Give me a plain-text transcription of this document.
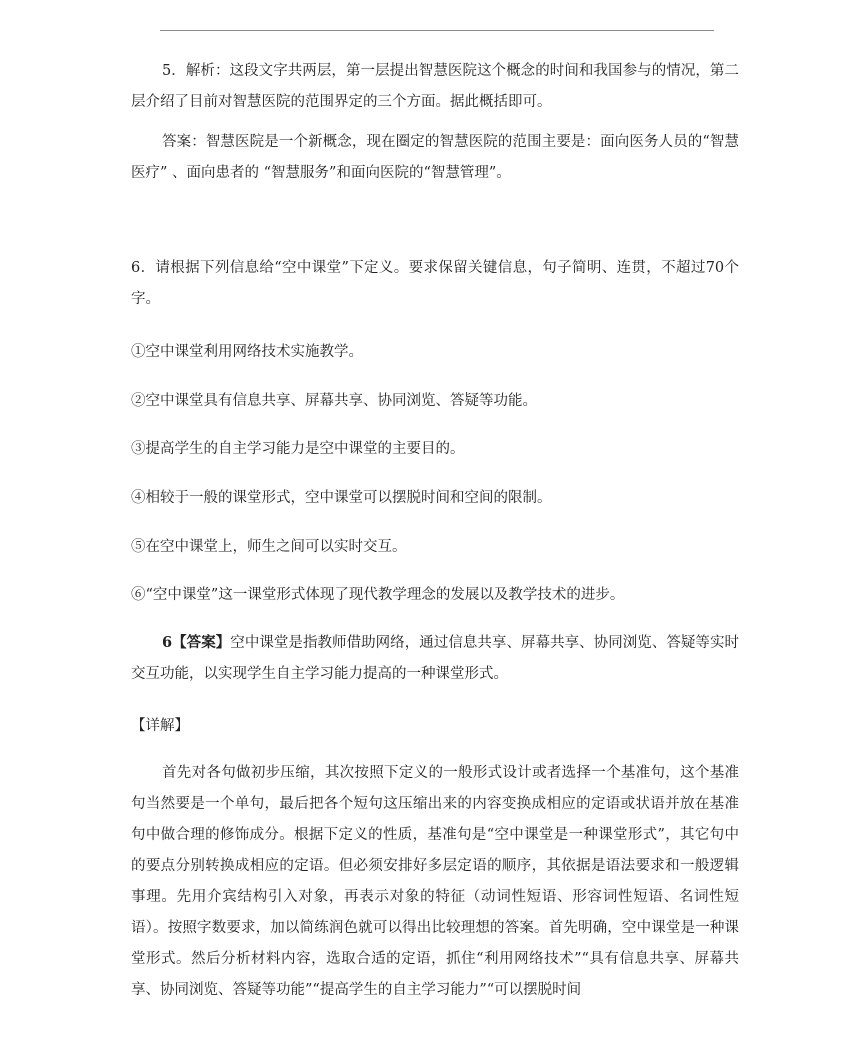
5．解析：这段文字共两层，第一层提出智慧医院这个概念的时间和我国参与的情况，第二层介绍了目前对智慧医院的范围界定的三个方面。据此概括即可。
答案：智慧医院是一个新概念，现在圈定的智慧医院的范围主要是：面向医务人员的“智慧医疗” 、面向患者的 “智慧服务”和面向医院的“智慧管理”。
6．请根据下列信息给“空中课堂”下定义。要求保留关键信息，句子简明、连贯，不超过70个字。
①空中课堂利用网络技术实施教学。
②空中课堂具有信息共享、屏幕共享、协同浏览、答疑等功能。
③提高学生的自主学习能力是空中课堂的主要目的。
④相较于一般的课堂形式，空中课堂可以摆脱时间和空间的限制。
⑤在空中课堂上，师生之间可以实时交互。
⑥“空中课堂”这一课堂形式体现了现代教学理念的发展以及教学技术的进步。
6【答案】空中课堂是指教师借助网络，通过信息共享、屏幕共享、协同浏览、答疑等实时交互功能，以实现学生自主学习能力提高的一种课堂形式。
【详解】
首先对各句做初步压缩，其次按照下定义的一般形式设计或者选择一个基准句，这个基准句当然要是一个单句，最后把各个短句这压缩出来的内容变换成相应的定语或状语并放在基准句中做合理的修饰成分。根据下定义的性质，基准句是“空中课堂是一种课堂形式”，其它句中的要点分别转换成相应的定语。但必须安排好多层定语的顺序，其依据是语法要求和一般逻辑事理。先用介宾结构引入对象，再表示对象的特征（动词性短语、形容词性短语、名词性短语）。按照字数要求，加以简练润色就可以得出比较理想的答案。首先明确，空中课堂是一种课堂形式。然后分析材料内容，选取合适的定语，抓住“利用网络技术”“具有信息共享、屏幕共享、协同浏览、答疑等功能”“提高学生的自主学习能力”“可以摆脱时间
